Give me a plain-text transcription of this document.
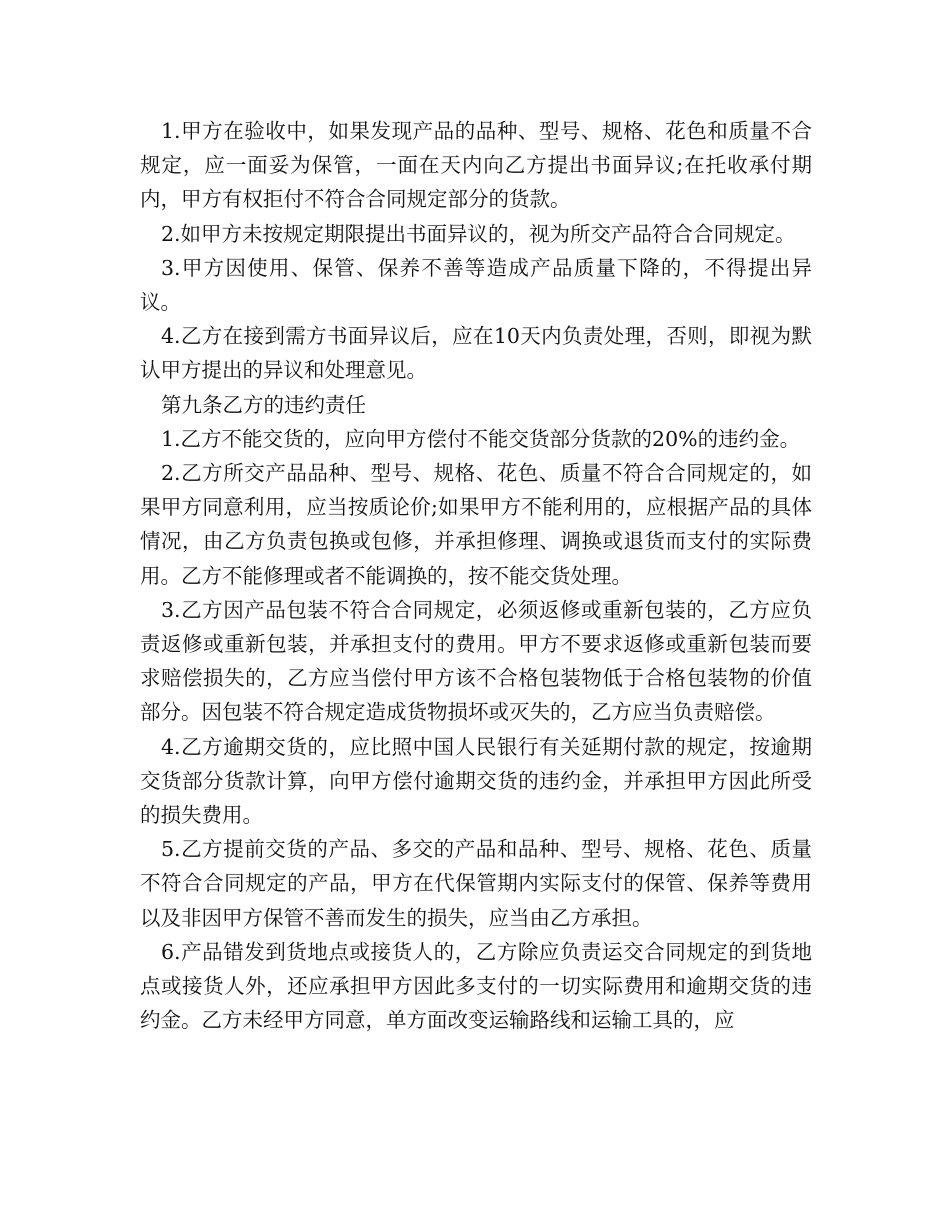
1.甲方在验收中，如果发现产品的品种、型号、规格、花色和质量不合规定，应一面妥为保管，一面在天内向乙方提出书面异议;在托收承付期内，甲方有权拒付不符合合同规定部分的货款。

2.如甲方未按规定期限提出书面异议的，视为所交产品符合合同规定。

3.甲方因使用、保管、保养不善等造成产品质量下降的，不得提出异议。

4.乙方在接到需方书面异议后，应在10天内负责处理，否则，即视为默认甲方提出的异议和处理意见。

第九条乙方的违约责任

1.乙方不能交货的，应向甲方偿付不能交货部分货款的20%的违约金。

2.乙方所交产品品种、型号、规格、花色、质量不符合合同规定的，如果甲方同意利用，应当按质论价;如果甲方不能利用的，应根据产品的具体情况，由乙方负责包换或包修，并承担修理、调换或退货而支付的实际费用。乙方不能修理或者不能调换的，按不能交货处理。

3.乙方因产品包装不符合合同规定，必须返修或重新包装的，乙方应负责返修或重新包装，并承担支付的费用。甲方不要求返修或重新包装而要求赔偿损失的，乙方应当偿付甲方该不合格包装物低于合格包装物的价值部分。因包装不符合规定造成货物损坏或灭失的，乙方应当负责赔偿。

4.乙方逾期交货的，应比照中国人民银行有关延期付款的规定，按逾期交货部分货款计算，向甲方偿付逾期交货的违约金，并承担甲方因此所受的损失费用。

5.乙方提前交货的产品、多交的产品和品种、型号、规格、花色、质量不符合合同规定的产品，甲方在代保管期内实际支付的保管、保养等费用以及非因甲方保管不善而发生的损失，应当由乙方承担。

6.产品错发到货地点或接货人的，乙方除应负责运交合同规定的到货地点或接货人外，还应承担甲方因此多支付的一切实际费用和逾期交货的违约金。乙方未经甲方同意，单方面改变运输路线和运输工具的，应
